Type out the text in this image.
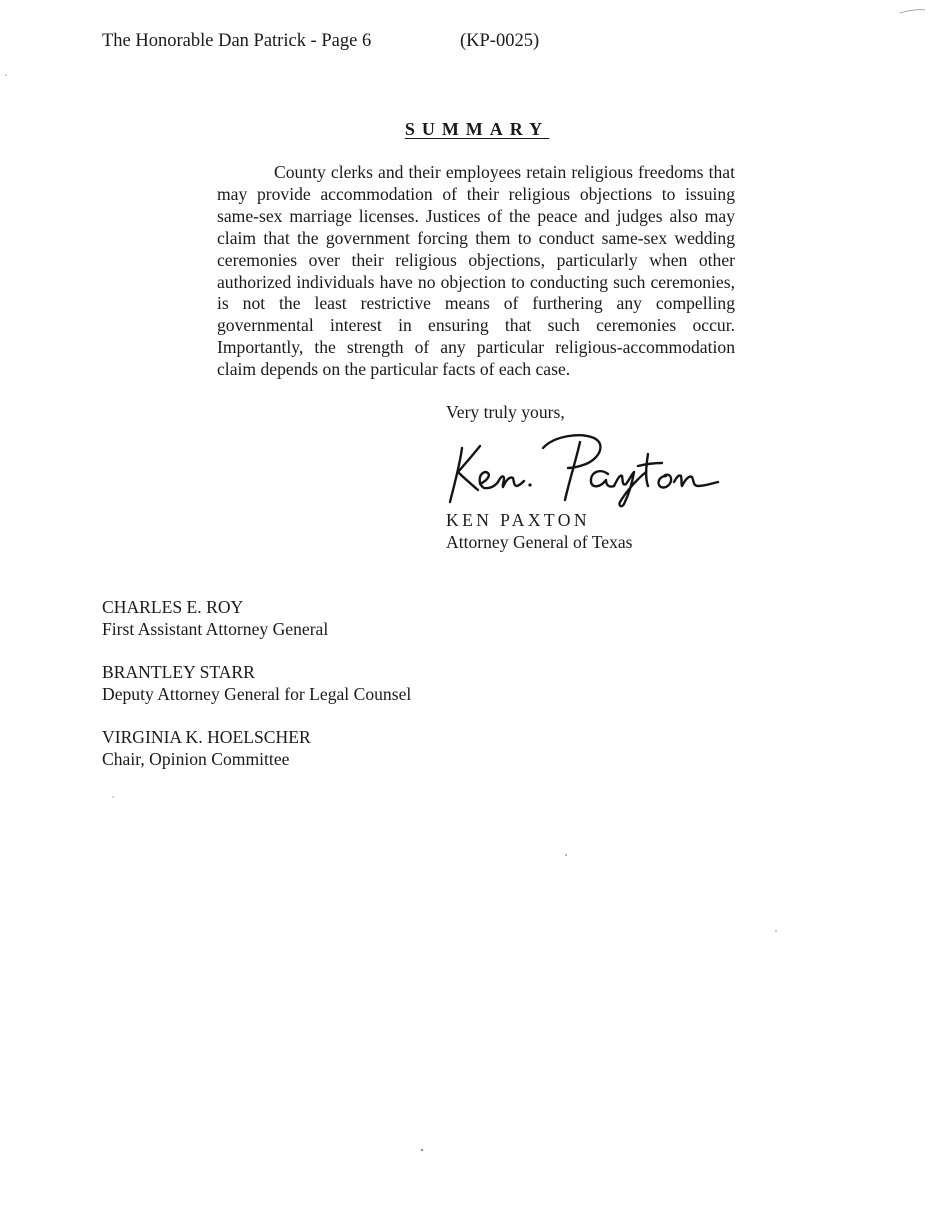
The Honorable Dan Patrick - Page 6	(KP-0025)
SUMMARY

County clerks and their employees retain religious freedoms that may provide accommodation of their religious objections to issuing same-sex marriage licenses. Justices of the peace and judges also may claim that the government forcing them to conduct same-sex wedding ceremonies over their religious objections, particularly when other authorized individuals have no objection to conducting such ceremonies, is not the least restrictive means of furthering any compelling governmental interest in ensuring that such ceremonies occur. Importantly, the strength of any particular religious-accommodation claim depends on the particular facts of each case.

Very truly yours,
KEN PAXTON
Attorney General of Texas
CHARLES E. ROY
First Assistant Attorney General
BRANTLEY STARR
Deputy Attorney General for Legal Counsel
VIRGINIA K. HOELSCHER
Chair, Opinion Committee
